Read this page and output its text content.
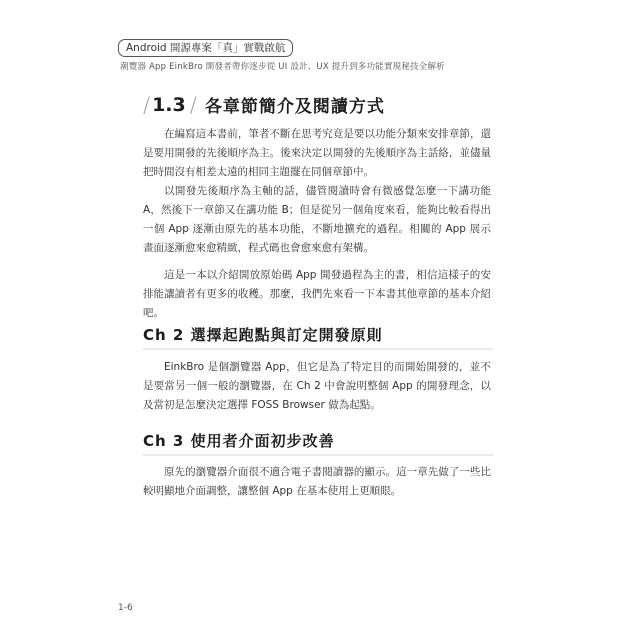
Android 開源專案「真」實戰啟航
潮覽器 App EinkBro 開發者帶你逐步從 UI 設計、UX 提升到多功能實現秘技全解析
/ 1.3 / 各章節簡介及閱讀方式

在編寫這本書前，筆者不斷在思考究竟是要以功能分類來安排章節，還是要用開發的先後順序為主。後來決定以開發的先後順序為主話絡，並儘量把時間沒有相差太遠的相同主題擺在同個章節中。

以開發先後順序為主軸的話，儘管閱讀時會有微感覺怎麼一下講功能A，然後下一章節又在講功能 B；但是從另一個角度來看，能夠比較看得出一個 App 逐漸由原先的基本功能，不斷地擴充的過程。相關的 App 展示畫面逐漸愈來愈精緻，程式碼也會愈來愈有架構。

這是一本以介紹開放原始碼 App 開發過程為主的書，相信這樣子的安排能讓讀者有更多的收穫。那麼，我們先來看一下本書其他章節的基本介紹吧。

Ch 2 選擇起跑點與訂定開發原則

EinkBro 是個瀏覽器 App，但它是為了特定目的而開始開發的，並不是要當另一個一般的瀏覽器，在 Ch 2 中會說明整個 App 的開發理念，以及當初是怎麼決定選擇 FOSS Browser 做為起點。

Ch 3 使用者介面初步改善

原先的瀏覽器介面很不適合電子書閱讀器的顯示。這一章先做了一些比較明顯地介面調整，讓整個 App 在基本使用上更順眼。

1-6
